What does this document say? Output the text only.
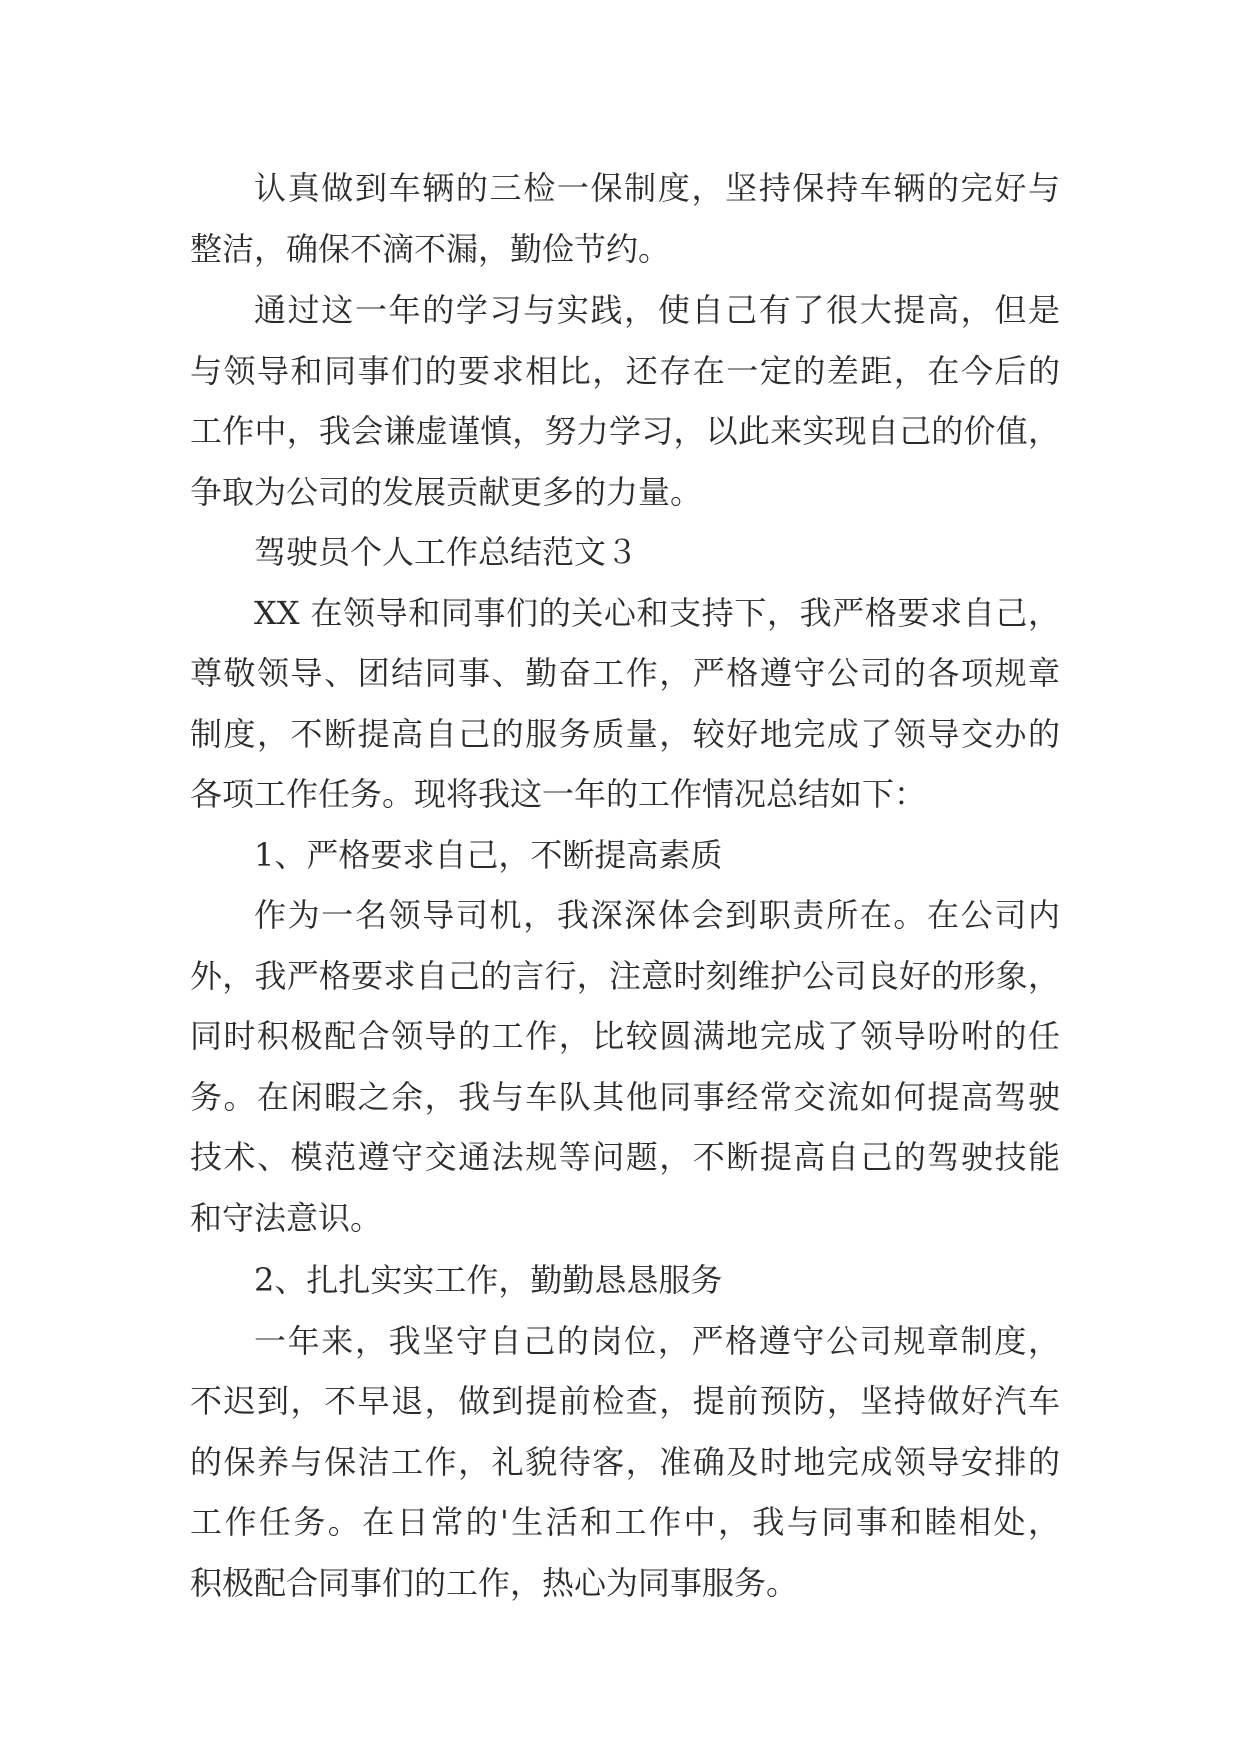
认真做到车辆的三检一保制度，坚持保持车辆的完好与
整洁，确保不滴不漏，勤俭节约。
通过这一年的学习与实践，使自己有了很大提高，但是
与领导和同事们的要求相比，还存在一定的差距，在今后的
工作中，我会谦虚谨慎，努力学习，以此来实现自己的价值，
争取为公司的发展贡献更多的力量。
驾驶员个人工作总结范文３
XX 在领导和同事们的关心和支持下，我严格要求自己，
尊敬领导、团结同事、勤奋工作，严格遵守公司的各项规章
制度，不断提高自己的服务质量，较好地完成了领导交办的
各项工作任务。现将我这一年的工作情况总结如下：
1、严格要求自己，不断提高素质
作为一名领导司机，我深深体会到职责所在。在公司内
外，我严格要求自己的言行，注意时刻维护公司良好的形象，
同时积极配合领导的工作，比较圆满地完成了领导吩咐的任
务。在闲暇之余，我与车队其他同事经常交流如何提高驾驶
技术、模范遵守交通法规等问题，不断提高自己的驾驶技能
和守法意识。
2、扎扎实实工作，勤勤恳恳服务
一年来，我坚守自己的岗位，严格遵守公司规章制度，
不迟到，不早退，做到提前检查，提前预防，坚持做好汽车
的保养与保洁工作，礼貌待客，准确及时地完成领导安排的
工作任务。在日常的'生活和工作中，我与同事和睦相处，
积极配合同事们的工作，热心为同事服务。
